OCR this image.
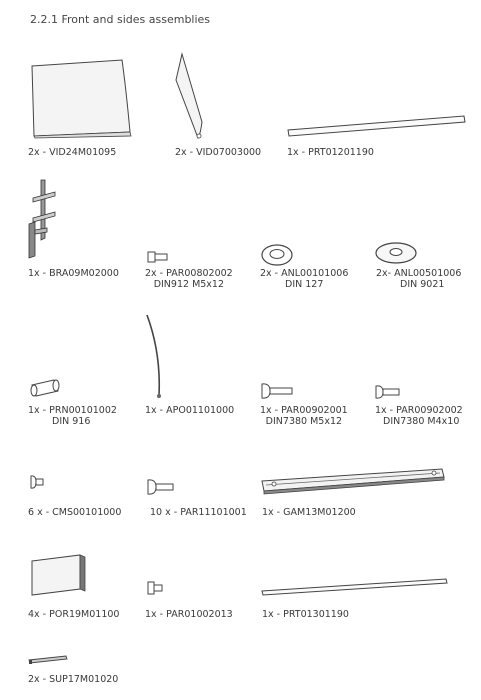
2.2.1 Front and sides assemblies
2x - VID24M01095	2x - VID07003000	1x - PRT01201190
1x - BRA09M02000	2x - PAR00802002
DIN912 M5x12
2x - ANL00101006
DIN 127
2x- ANL00501006
DIN 9021
1x - PRN00101002
DIN 916
1x - APO01101000	1x - PAR00902001
DIN7380 M5x12
1x - PAR00902002
DIN7380 M4x10
6 x - CMS00101000	10 x - PAR11101001 1x - GAM13M01200
4x - POR19M01100	1x - PAR01002013	1x - PRT01301190
2x - SUP17M01020
